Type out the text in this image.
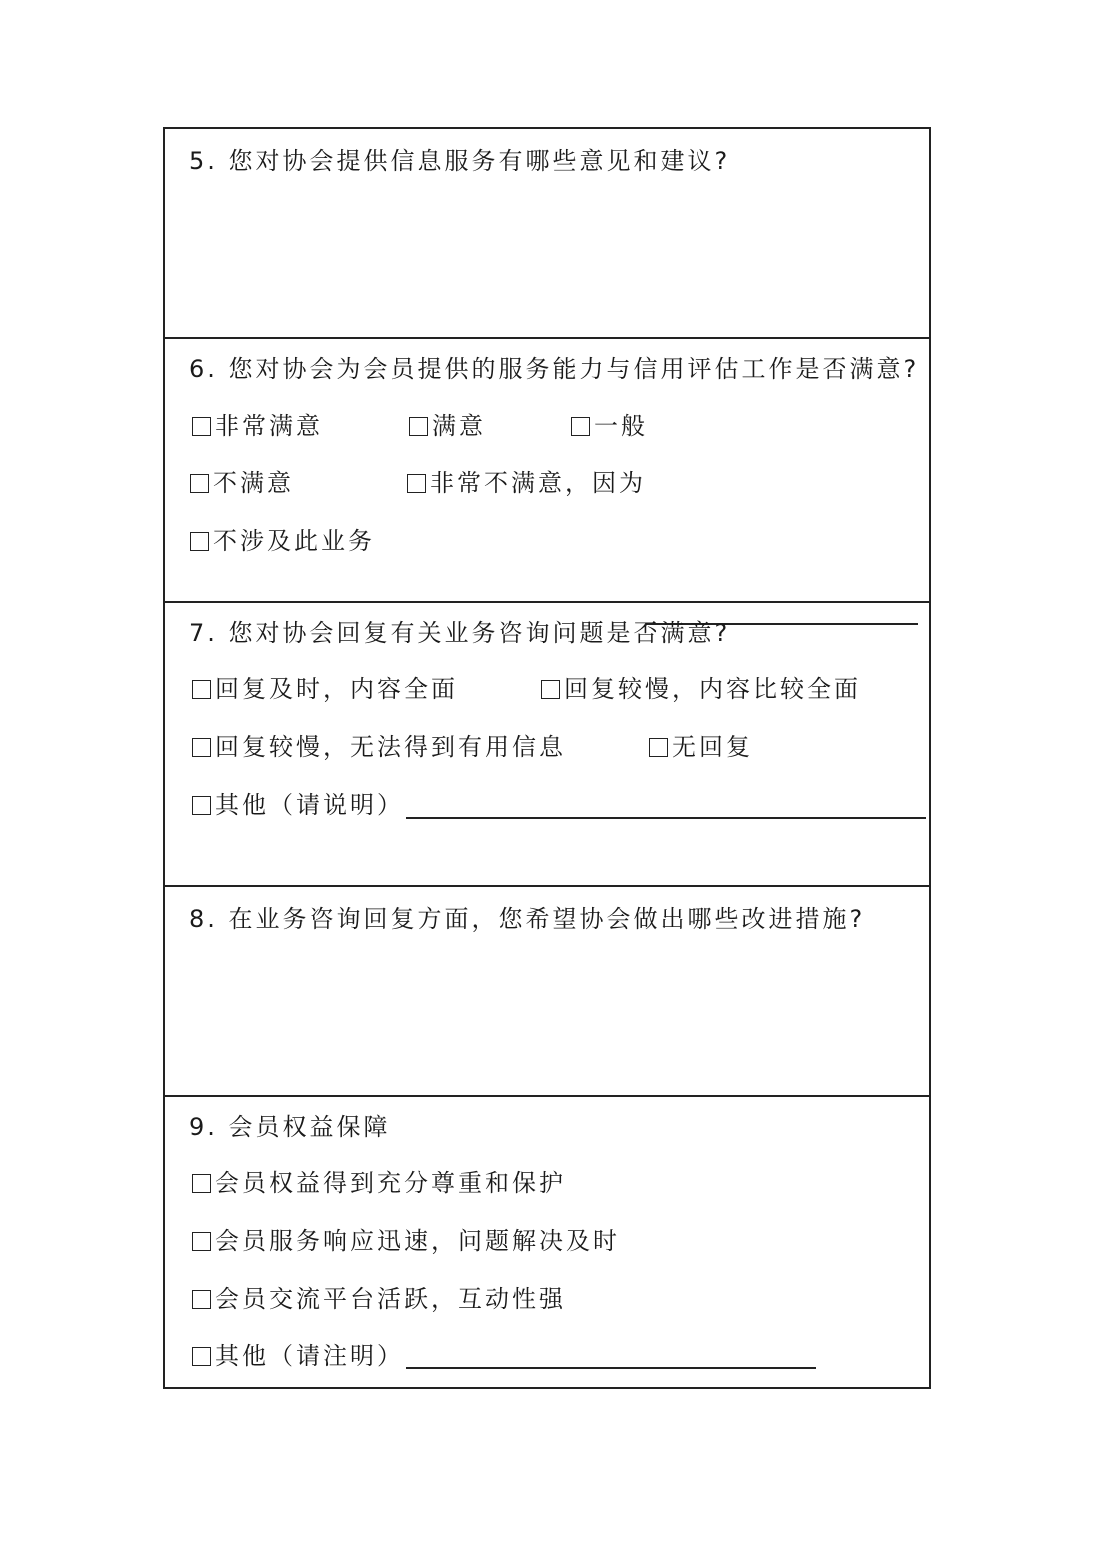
5. 您对协会提供信息服务有哪些意见和建议?
6. 您对协会为会员提供的服务能力与信用评估工作是否满意?
非常满意	满意	一般
不满意	非常不满意，因为
不涉及此业务
7. 您对协会回复有关业务咨询问题是否满意?
回复及时，内容全面	回复较慢，内容比较全面
回复较慢，无法得到有用信息	无回复
其他（请说明）
8. 在业务咨询回复方面，您希望协会做出哪些改进措施?
9. 会员权益保障
会员权益得到充分尊重和保护
会员服务响应迅速，问题解决及时
会员交流平台活跃，互动性强
其他（请注明）
